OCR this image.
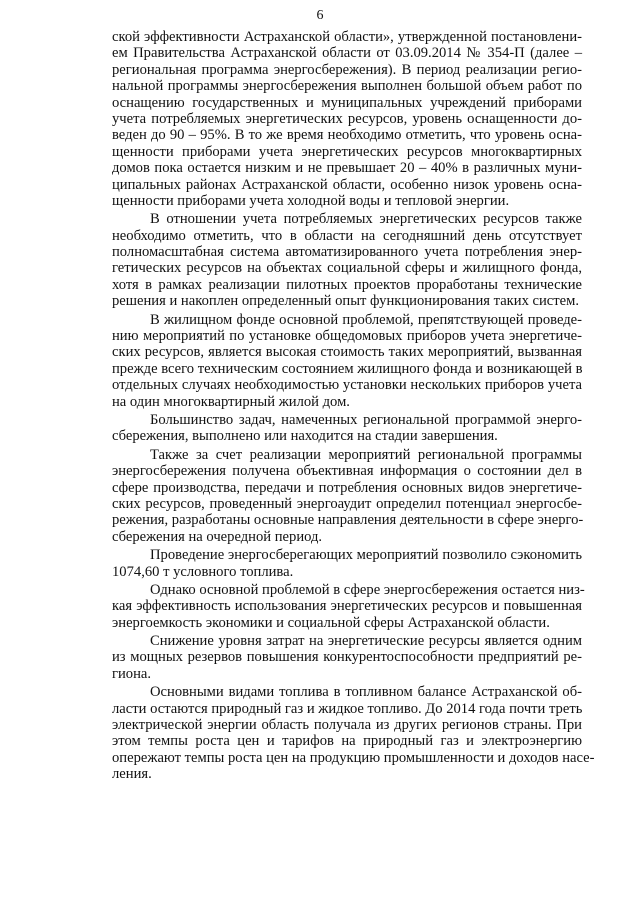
6
ской эффективности Астраханской области», утвержденной постановлени-
ем Правительства Астраханской области от 03.09.2014 № 354-П (далее –
региональная программа энергосбережения). В период реализации регио-
нальной программы энергосбережения выполнен большой объем работ по
оснащению государственных и муниципальных учреждений приборами
учета потребляемых энергетических ресурсов, уровень оснащенности до-
веден до 90 – 95%. В то же время необходимо отметить, что уровень осна-
щенности приборами учета энергетических ресурсов многоквартирных
домов пока остается низким и не превышает 20 – 40% в различных муни-
ципальных районах Астраханской области, особенно низок уровень осна-
щенности приборами учета холодной воды и тепловой энергии.
В отношении учета потребляемых энергетических ресурсов также
необходимо отметить, что в области на сегодняшний день отсутствует
полномасштабная система автоматизированного учета потребления энер-
гетических ресурсов на объектах социальной сферы и жилищного фонда,
хотя в рамках реализации пилотных проектов проработаны технические
решения и накоплен определенный опыт функционирования таких систем.
В жилищном фонде основной проблемой, препятствующей проведе-
нию мероприятий по установке общедомовых приборов учета энергетиче-
ских ресурсов, является высокая стоимость таких мероприятий, вызванная
прежде всего техническим состоянием жилищного фонда и возникающей в
отдельных случаях необходимостью установки нескольких приборов учета
на один многоквартирный жилой дом.
Большинство задач, намеченных региональной программой энерго-
сбережения, выполнено или находится на стадии завершения.
Также за счет реализации мероприятий региональной программы
энергосбережения получена объективная информация о состоянии дел в
сфере производства, передачи и потребления основных видов энергетиче-
ских ресурсов, проведенный энергоаудит определил потенциал энергосбе-
режения, разработаны основные направления деятельности в сфере энерго-
сбережения на очередной период.
Проведение энергосберегающих мероприятий позволило сэкономить
1074,60 т условного топлива.
Однако основной проблемой в сфере энергосбережения остается низ-
кая эффективность использования энергетических ресурсов и повышенная
энергоемкость экономики и социальной сферы Астраханской области.
Снижение уровня затрат на энергетические ресурсы является одним
из мощных резервов повышения конкурентоспособности предприятий ре-
гиона.
Основными видами топлива в топливном балансе Астраханской об-
ласти остаются природный газ и жидкое топливо. До 2014 года почти треть
электрической энергии область получала из других регионов страны. При
этом темпы роста цен и тарифов на природный газ и электроэнергию
опережают темпы роста цен на продукцию промышленности и доходов насе-
ления.
